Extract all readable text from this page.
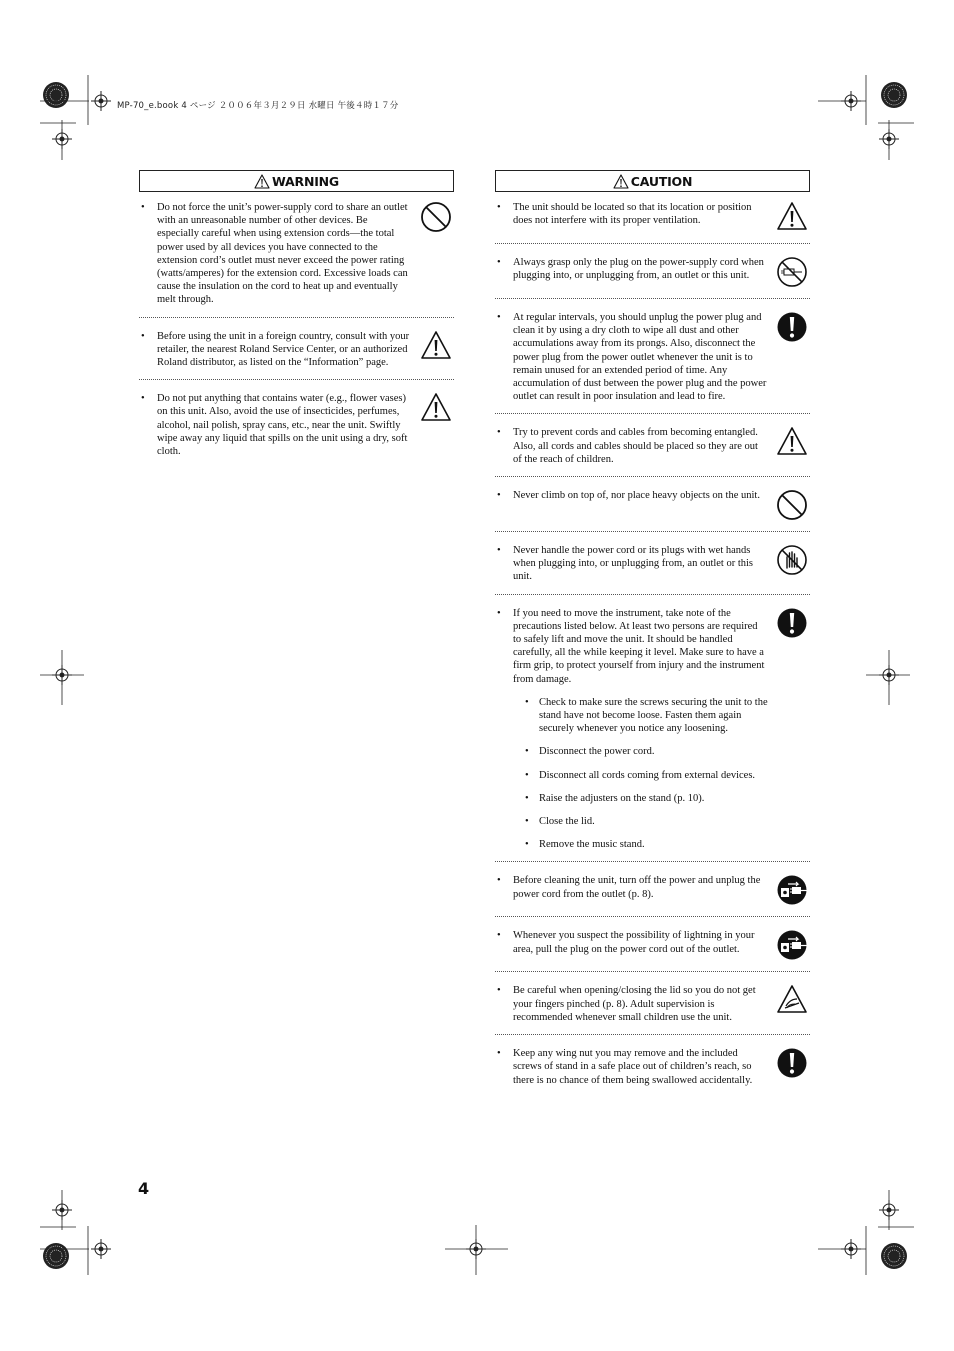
MP-70_e.book 4 ページ ２００６年３月２９日 水曜日 午後４時１７分
WARNING
•	Do not force the unit’s power-supply cord to share an outlet with an unreasonable number of other devices. Be especially careful when using extension cords—the total power used by all devices you have connected to the extension cord’s outlet must never exceed the power rating (watts/amperes) for the extension cord. Excessive loads can cause the insulation on the cord to heat up and eventually melt through.
•	Before using the unit in a foreign country, consult with your retailer, the nearest Roland Service Center, or an authorized Roland distributor, as listed on the “Information” page.
•	Do not put anything that contains water (e.g., flower vases) on this unit. Also, avoid the use of insecticides, perfumes, alcohol, nail polish, spray cans, etc., near the unit. Swiftly wipe away any liquid that spills on the unit using a dry, soft cloth.
CAUTION
•	The unit should be located so that its location or position does not interfere with its proper ventilation.
•	Always grasp only the plug on the power-supply cord when plugging into, or unplugging from, an outlet or this unit.
•	At regular intervals, you should unplug the power plug and clean it by using a dry cloth to wipe all dust and other accumulations away from its prongs. Also, disconnect the power plug from the power outlet whenever the unit is to remain unused for an extended period of time. Any accumulation of dust between the power plug and the power outlet can result in poor insulation and lead to fire.
•	Try to prevent cords and cables from becoming entangled. Also, all cords and cables should be placed so they are out of the reach of children.
•	Never climb on top of, nor place heavy objects on the unit.
•	Never handle the power cord or its plugs with wet hands when plugging into, or unplugging from, an outlet or this unit.
•	If you need to move the instrument, take note of the precautions listed below. At least two persons are required to safely lift and move the unit. It should be handled carefully, all the while keeping it level. Make sure to have a firm grip, to protect yourself from injury and the instrument from damage.
• Check to make sure the screws securing the unit to the stand have not become loose. Fasten them again securely whenever you notice any loosening.
• Disconnect the power cord.
• Disconnect all cords coming from external devices.
• Raise the adjusters on the stand (p. 10).
• Close the lid.
• Remove the music stand.
•	Before cleaning the unit, turn off the power and unplug the power cord from the outlet (p. 8).
•	Whenever you suspect the possibility of lightning in your area, pull the plug on the power cord out of the outlet.
•	Be careful when opening/closing the lid so you do not get your fingers pinched (p. 8). Adult supervision is recommended whenever small children use the unit.
•	Keep any wing nut you may remove and the included screws of stand in a safe place out of children’s reach, so there is no chance of them being swallowed accidentally.
4
